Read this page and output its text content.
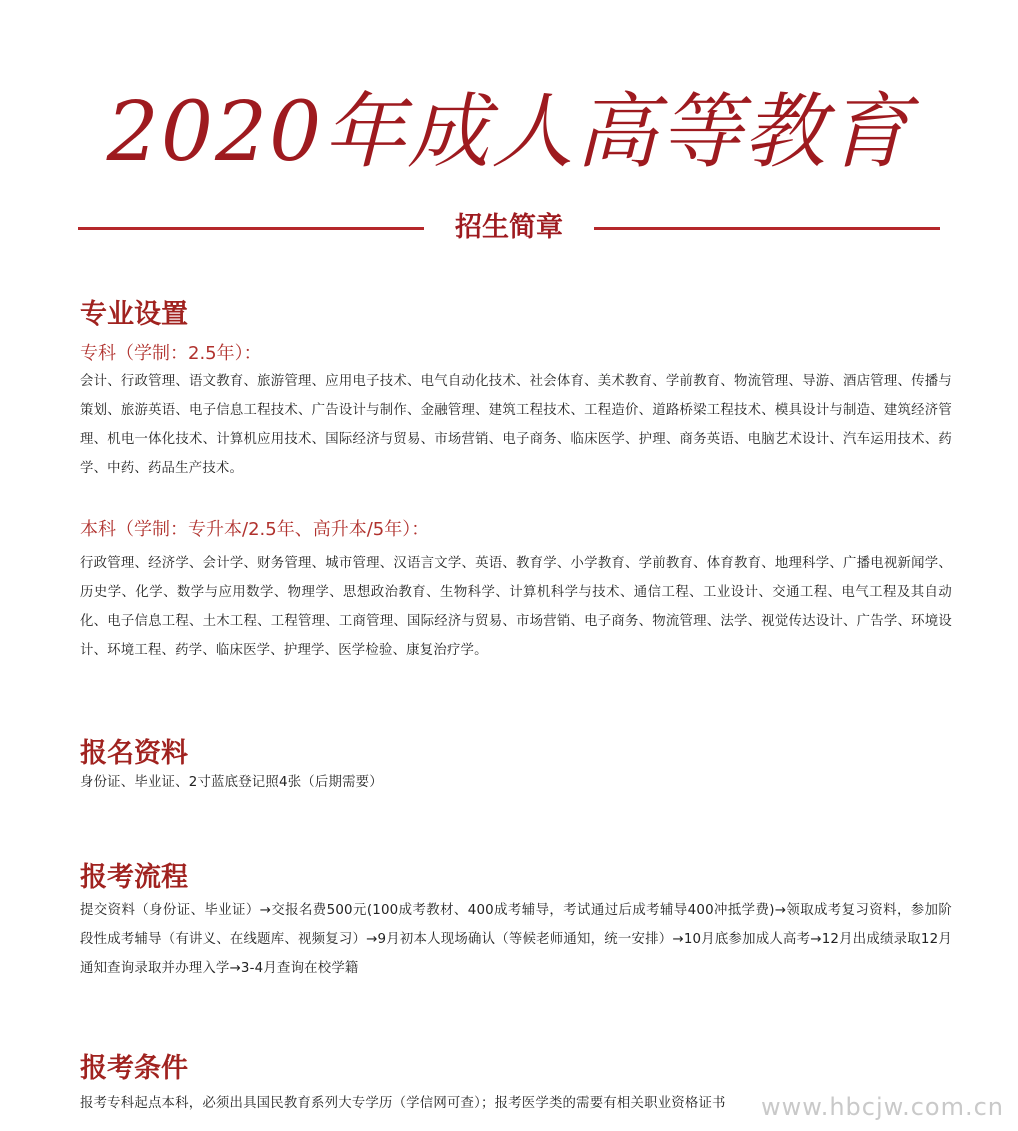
2020年成人高等教育
招生简章
专业设置
专科（学制：2.5年）：
会计、行政管理、语文教育、旅游管理、应用电子技术、电气自动化技术、社会体育、美术教育、学前教育、物流管理、导游、酒店管理、传播与策划、旅游英语、电子信息工程技术、广告设计与制作、金融管理、建筑工程技术、工程造价、道路桥梁工程技术、模具设计与制造、建筑经济管理、机电一体化技术、计算机应用技术、国际经济与贸易、市场营销、电子商务、临床医学、护理、商务英语、电脑艺术设计、汽车运用技术、药学、中药、药品生产技术。
本科（学制：专升本/2.5年、高升本/5年）：
行政管理、经济学、会计学、财务管理、城市管理、汉语言文学、英语、教育学、小学教育、学前教育、体育教育、地理科学、广播电视新闻学、历史学、化学、数学与应用数学、物理学、思想政治教育、生物科学、计算机科学与技术、通信工程、工业设计、交通工程、电气工程及其自动化、电子信息工程、土木工程、工程管理、工商管理、国际经济与贸易、市场营销、电子商务、物流管理、法学、视觉传达设计、广告学、环境设计、环境工程、药学、临床医学、护理学、医学检验、康复治疗学。
报名资料
身份证、毕业证、2寸蓝底登记照4张（后期需要）
报考流程
提交资料（身份证、毕业证）→交报名费500元(100成考教材、400成考辅导，考试通过后成考辅导400冲抵学费)→领取成考复习资料，参加阶段性成考辅导（有讲义、在线题库、视频复习）→9月初本人现场确认（等候老师通知，统一安排）→10月底参加成人高考→12月出成绩录取12月通知查询录取并办理入学→3-4月查询在校学籍
报考条件
报考专科起点本科，必须出具国民教育系列大专学历（学信网可查）；报考医学类的需要有相关职业资格证书	www.hbcjw.com.cn
